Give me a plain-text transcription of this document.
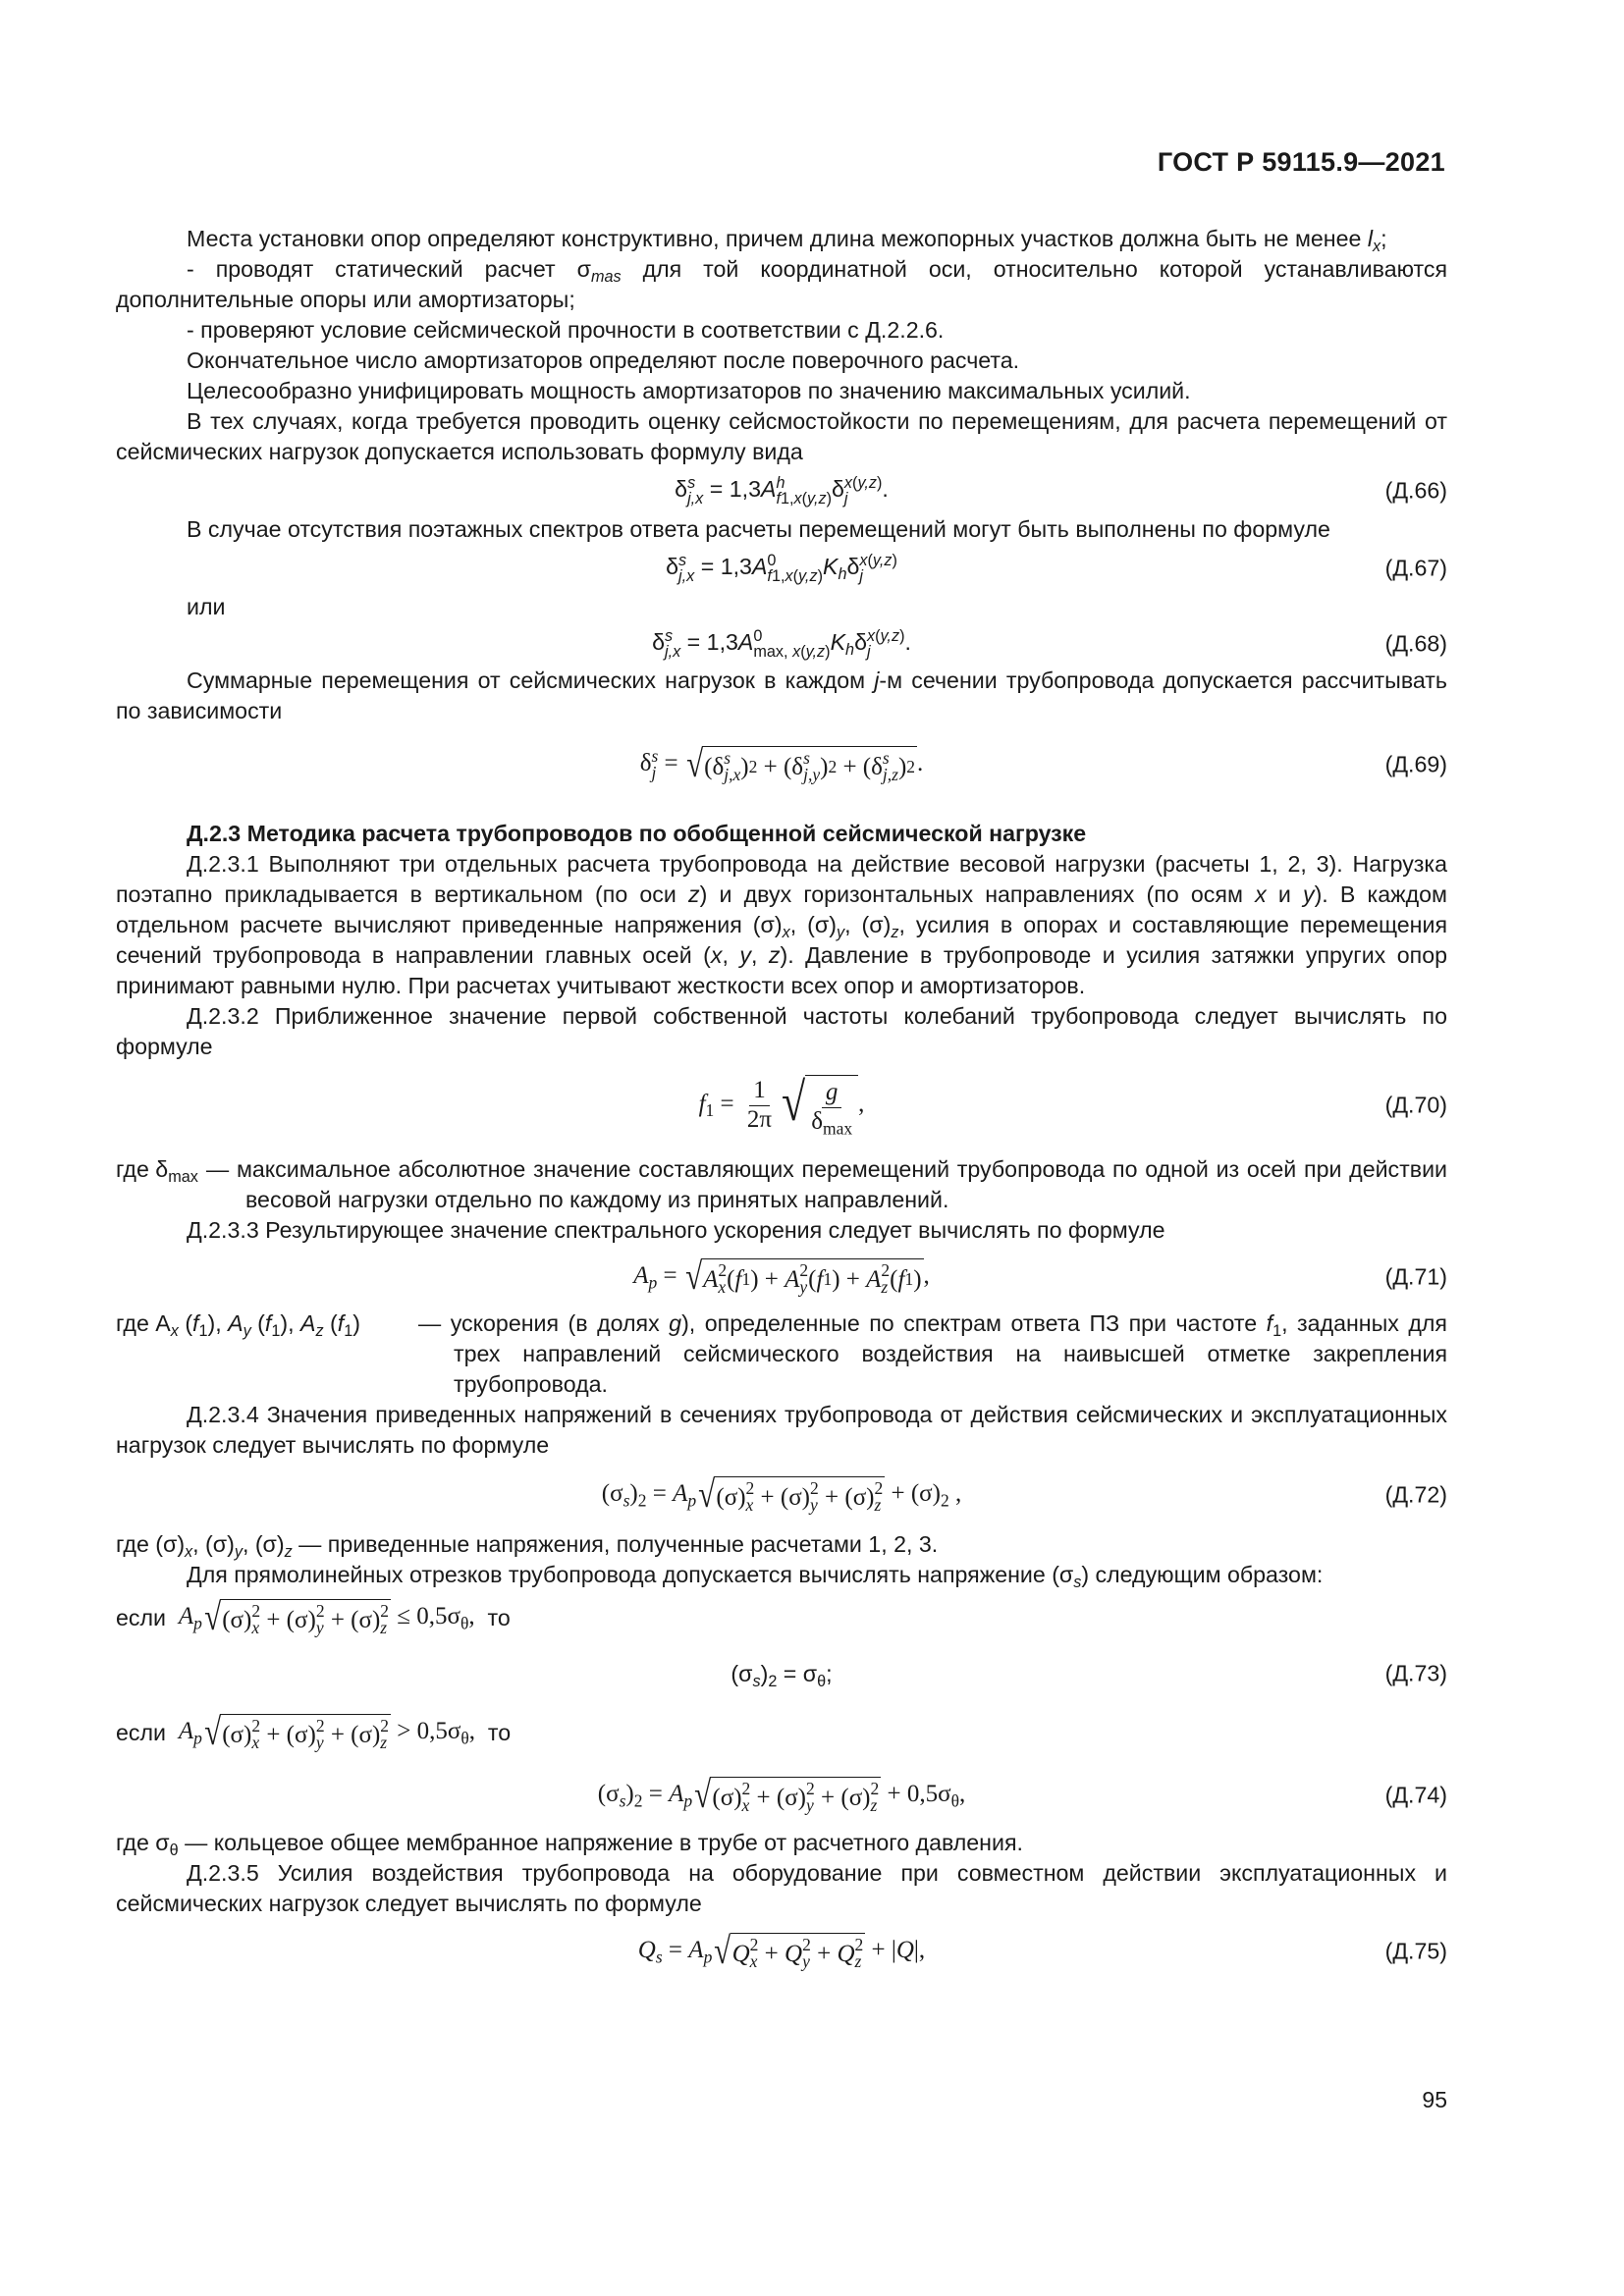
ГОСТ Р 59115.9—2021

Места установки опор определяют конструктивно, причем длина межопорных участков должна быть не менее $l_x$;

- проводят статический расчет $\sigma_{mas}$ для той координатной оси, относительно которой устанавливаются дополнительные опоры или амортизаторы;

- проверяют условие сейсмической прочности в соответствии с Д.2.2.6.

Окончательное число амортизаторов определяют после поверочного расчета.

Целесообразно унифицировать мощность амортизаторов по значению максимальных усилий.

В тех случаях, когда требуется проводить оценку сейсмостойкости по перемещениям, для расчета перемещений от сейсмических нагрузок допускается использовать формулу вида

δ s
j,x = 1,3A h
f1,x(y,z) δ x(y,z)
j	.	(Д.66)

В случае отсутствия поэтажных спектров ответа расчеты перемещений могут быть выполнены по формуле

δ s
j,x = 1,3A 0
f1,x(y,z) $K_h\delta$ x(y,z)
j	(Д.67)

или

δ s
j,x = 1,3A 0
max, x(y,z) $K_h\delta$ x(y,z)
j	.	(Д.68)

Суммарные перемещения от сейсмических нагрузок в каждом j-м сечении трубопровода допускается рассчитывать по зависимости

δ s
j = √ (δ s
j,x ) 2 + (δ s
j,y ) 2 + (δ s
j,z ) 2 .	(Д.69)

Д.2.3 Методика расчета трубопроводов по обобщенной сейсмической нагрузке

Д.2.3.1 Выполняют три отдельных расчета трубопровода на действие весовой нагрузки (расчеты 1, 2, 3). Нагрузка поэтапно прикладывается в вертикальном (по оси z) и двух горизонтальных направлениях (по осям x и y). В каждом отдельном расчете вычисляют приведенные напряжения $(\sigma)_x$, $(\sigma)_y$, $(\sigma)_z$, усилия в опорах и составляющие перемещения сечений трубопровода в направлении главных осей (x, y, z). Давление в трубопроводе и усилия затяжки упругих опор принимают равными нулю. При расчетах учитывают жесткости всех опор и амортизаторов.

Д.2.3.2 Приближенное значение первой собственной частоты колебаний трубопровода следует вычислять по формуле

$f_1 = \frac{1}{2\pi}$ √ $\frac{g}{\delta_{max}}$ ,	(Д.70)
где $\delta_{max}$ — максимальное абсолютное значение составляющих перемещений трубопровода по одной из осей при действии весовой нагрузки отдельно по каждому из принятых направлений.

Д.2.3.3 Результирующее значение спектрального ускорения следует вычислять по формуле

$A_p$ = √ A 2
x ( f 1 ) + A 2
y ( f 1 ) + A 2
z ( f 1 ) ,	(Д.71)
где $A_x$ $(f_1)$, $A_y$ $(f_1)$, $A_z$ $(f_1)$	— ускорения (в долях g), определенные по спектрам ответа ПЗ при частоте $f_1$, заданных для трех направлений сейсмического воздействия на наивысшей отметке закрепления трубопровода.

Д.2.3.4 Значения приведенных напряжений в сечениях трубопровода от действия сейсмических и эксплуатационных нагрузок следует вычислять по формуле

$(\sigma_s)_2 = A_p$ √ (σ) 2
x + (σ) 2
y + (σ) 2
$z + (\sigma)_2$ ,	(Д.72)

где $(\sigma)_x$, $(\sigma)_y$, $(\sigma)_z$ — приведенные напряжения, полученные расчетами 1, 2, 3.

Для прямолинейных отрезков трубопровода допускается вычислять напряжение $(\sigma_s)$ следующим образом:

если
$A_p$ √ (σ) 2
x + (σ) 2
y + (σ) 2
$z \le 0,5\sigma_\theta$,
то
$(\sigma_s)_2 = \sigma_\theta$;	(Д.73)
если
$A_p$ √ (σ) 2
x + (σ) 2
y + (σ) 2
$z > 0,5\sigma_\theta$,
то
$(\sigma_s)_2 = A_p$ √ (σ) 2
x + (σ) 2
y + (σ) 2
$z + 0,5\sigma_\theta$,	(Д.74)

где $\sigma_\theta$ — кольцевое общее мембранное напряжение в трубе от расчетного давления.

Д.2.3.5 Усилия воздействия трубопровода на оборудование при совместном действии эксплуатационных и сейсмических нагрузок следует вычислять по формуле

$Q_s = A_p$ √ Q 2
x + Q 2
y + Q 2
z + |Q|,	(Д.75)
95
